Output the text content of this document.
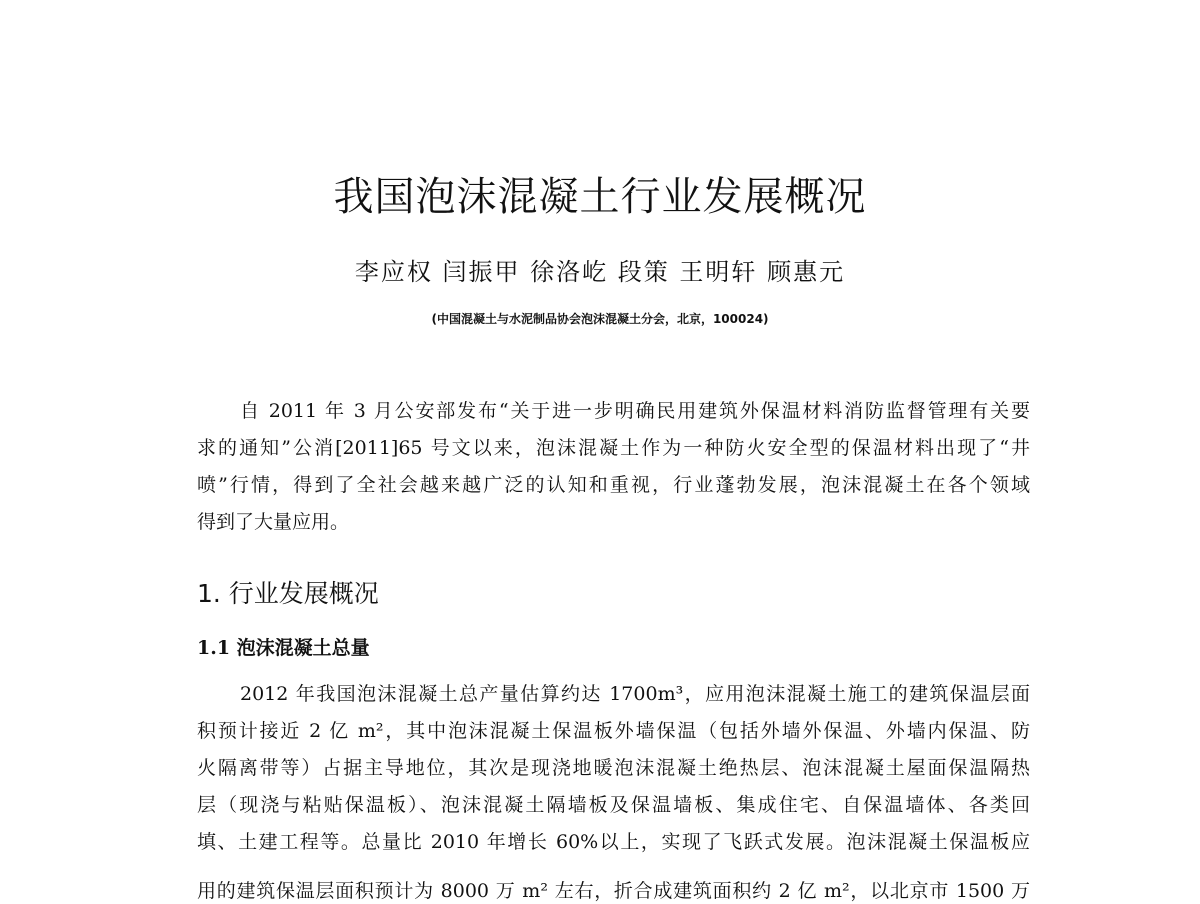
我国泡沫混凝土行业发展概况
李应权 闫振甲 徐洛屹 段策 王明轩 顾惠元
(中国混凝土与水泥制品协会泡沫混凝土分会，北京，100024)
自 2011 年 3 月公安部发布“关于进一步明确民用建筑外保温材料消防监督管理有关要
求的通知”公消[2011]65 号文以来，泡沫混凝土作为一种防火安全型的保温材料出现了“井
喷”行情，得到了全社会越来越广泛的认知和重视，行业蓬勃发展，泡沫混凝土在各个领域
得到了大量应用。
1. 行业发展概况
1.1 泡沫混凝土总量
2012 年我国泡沫混凝土总产量估算约达 1700m³，应用泡沫混凝土施工的建筑保温层面
积预计接近 2 亿 m²，其中泡沫混凝土保温板外墙保温（包括外墙外保温、外墙内保温、防
火隔离带等）占据主导地位，其次是现浇地暖泡沫混凝土绝热层、泡沫混凝土屋面保温隔热
层（现浇与粘贴保温板）、泡沫混凝土隔墙板及保温墙板、集成住宅、自保温墙体、各类回
填、土建工程等。总量比 2010 年增长 60%以上，实现了飞跃式发展。泡沫混凝土保温板应
用的建筑保温层面积预计为 8000 万 m² 左右，折合成建筑面积约 2 亿 m²，以北京市 1500 万
